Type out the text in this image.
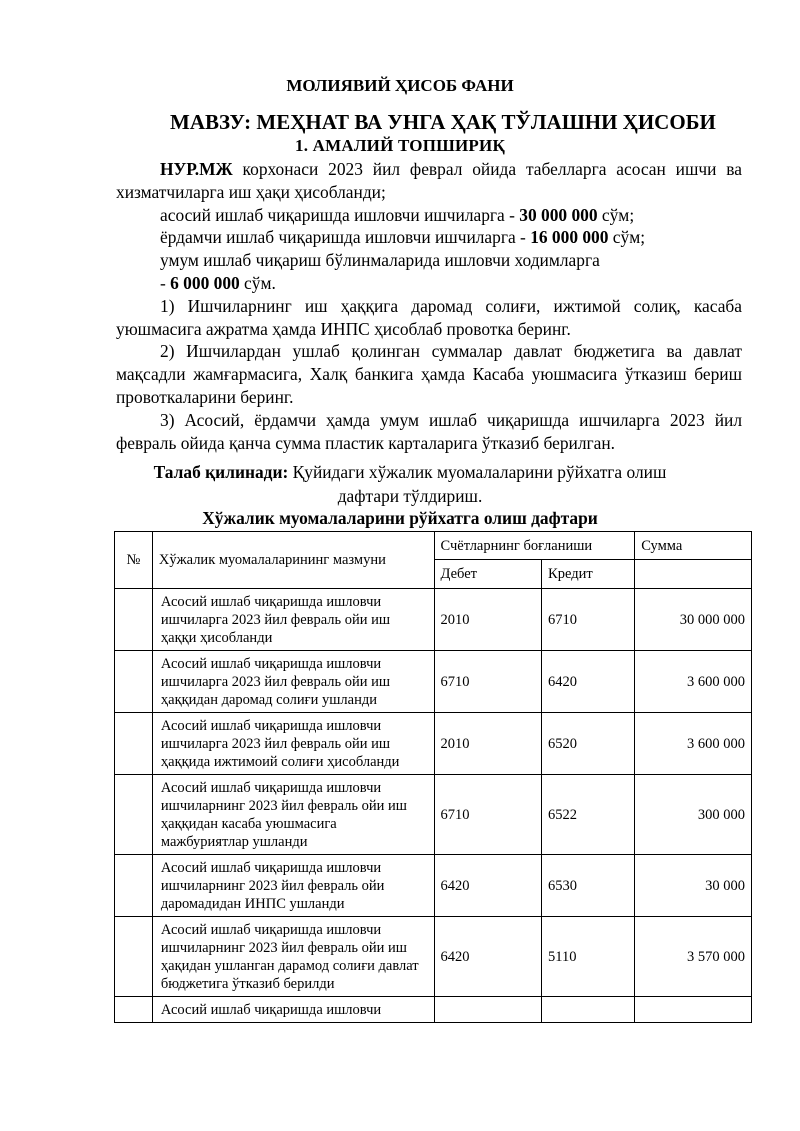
МОЛИЯВИЙ ҲИСОБ ФАНИ
МАВЗУ: МЕҲНАТ ВА УНГА ҲАҚ ТЎЛАШНИ ҲИСОБИ
1. АМАЛИЙ ТОПШИРИҚ

НУР.МЖ корхонаси 2023 йил феврал ойида табелларга асосан ишчи ва хизматчиларга иш ҳақи ҳисобланди;

асосий ишлаб чиқаришда ишловчи ишчиларга - 30 000 000 сўм;

ёрдамчи ишлаб чиқаришда ишловчи ишчиларга - 16 000 000 сўм;

умум ишлаб чиқариш бўлинмаларида ишловчи ходимларга

- 6 000 000 сўм.

1) Ишчиларнинг иш ҳаққига даромад солиғи, ижтимой солиқ, касаба уюшмасига ажратма ҳамда ИНПС ҳисоблаб провотка беринг.

2) Ишчилардан ушлаб қолинган суммалар давлат бюджетига ва давлат мақсадли жамғармасига, Халқ банкига ҳамда Касаба уюшмасига ўтказиш бериш провоткаларини беринг.

3) Асосий, ёрдамчи ҳамда умум ишлаб чиқаришда ишчиларга 2023 йил февраль ойида қанча сумма пластик карталарига ўтказиб берилган.

Талаб қилинади: Қуйидаги хўжалик муомалаларини рўйхатга олиш дафтари тўлдириш.
Хўжалик муомалаларини рўйхатга олиш дафтари
№	Хўжалик муомалаларининг мазмуни	Счётларнинг боғланиши		Сумма
		Дебет	Кредит	

	Асосий ишлаб чиқаришда ишловчи ишчиларга 2023 йил февраль ойи иш ҳаққи ҳисобланди	2010	6710	30 000 000

	Асосий ишлаб чиқаришда ишловчи ишчиларга 2023 йил февраль ойи иш ҳаққидан даромад солиғи ушланди	6710	6420	3 600 000

	Асосий ишлаб чиқаришда ишловчи ишчиларга 2023 йил февраль ойи иш ҳаққида ижтимоий солиғи ҳисобланди	2010	6520	3 600 000

	Асосий ишлаб чиқаришда ишловчи ишчиларнинг 2023 йил февраль ойи иш ҳаққидан касаба уюшмасига мажбуриятлар ушланди	6710	6522	300 000

	Асосий ишлаб чиқаришда ишловчи ишчиларнинг 2023 йил февраль ойи даромадидан ИНПС ушланди	6420	6530	30 000

	Асосий ишлаб чиқаришда ишловчи ишчиларнинг 2023 йил февраль ойи иш ҳақидан ушланган дарамод солиғи давлат бюджетига ўтказиб берилди	6420	5110	3 570 000

	Асосий ишлаб чиқаришда ишловчи			
